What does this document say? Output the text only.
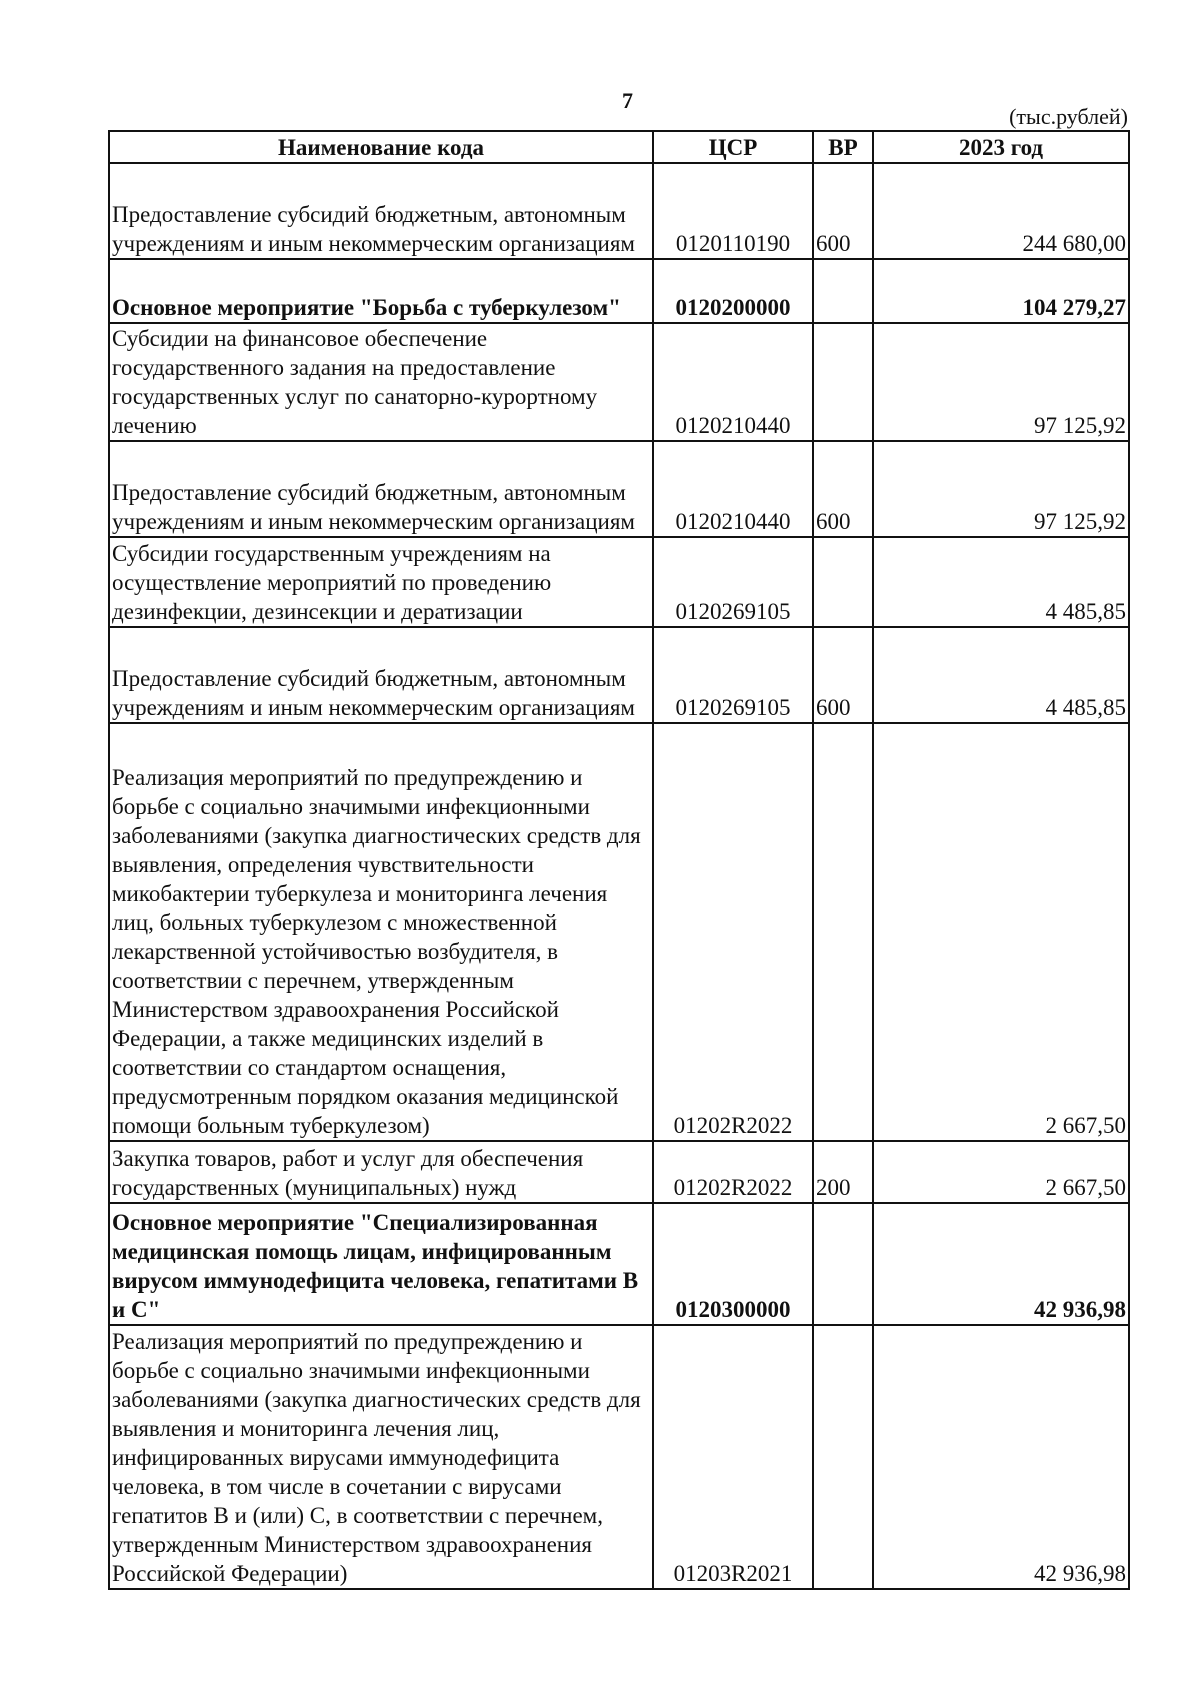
7
(тыс.рублей)
Наименование кода	ЦСР	ВР	2023 год
Предоставление субсидий бюджетным, автономным учреждениям и иным некоммерческим организациям	0120110190	600	244 680,00
Основное мероприятие "Борьба с туберкулезом"	0120200000		104 279,27
Субсидии на финансовое обеспечение государственного задания на предоставление государственных услуг по санаторно-курортному лечению	0120210440		97 125,92
Предоставление субсидий бюджетным, автономным учреждениям и иным некоммерческим организациям	0120210440	600	97 125,92
Субсидии государственным учреждениям на осуществление мероприятий по проведению дезинфекции, дезинсекции и дератизации	0120269105		4 485,85
Предоставление субсидий бюджетным, автономным учреждениям и иным некоммерческим организациям	0120269105	600	4 485,85
Реализация мероприятий по предупреждению и борьбе с социально значимыми инфекционными заболеваниями (закупка диагностических средств для выявления, определения чувствительности микобактерии туберкулеза и мониторинга лечения лиц, больных туберкулезом с множественной лекарственной устойчивостью возбудителя, в соответствии с перечнем, утвержденным Министерством здравоохранения Российской Федерации, а также медицинских изделий в соответствии со стандартом оснащения, предусмотренным порядком оказания медицинской помощи больным туберкулезом)	01202R2022		2 667,50
Закупка товаров, работ и услуг для обеспечения государственных (муниципальных) нужд	01202R2022	200	2 667,50
Основное мероприятие "Специализированная медицинская помощь лицам, инфицированным вирусом иммунодефицита человека, гепатитами В и С"	0120300000		42 936,98
Реализация мероприятий по предупреждению и борьбе с социально значимыми инфекционными заболеваниями (закупка диагностических средств для выявления и мониторинга лечения лиц, инфицированных вирусами иммунодефицита человека, в том числе в сочетании с вирусами гепатитов В и (или) С, в соответствии с перечнем, утвержденным Министерством здравоохранения Российской Федерации)	01203R2021		42 936,98
